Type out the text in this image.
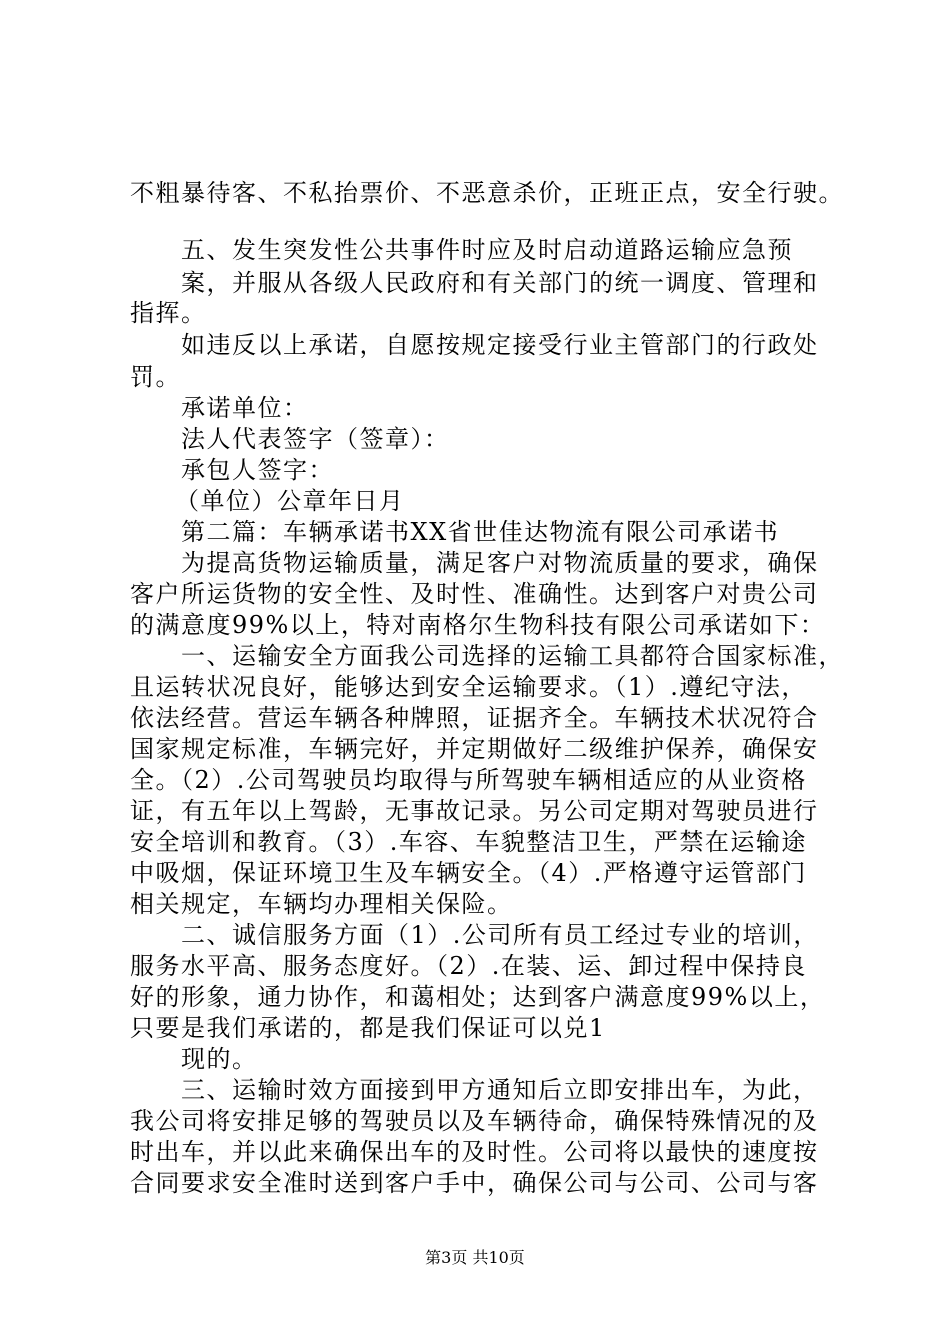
不粗暴待客、不私抬票价、不恶意杀价，正班正点，安全行驶。
五、发生突发性公共事件时应及时启动道路运输应急预
案，并服从各级人民政府和有关部门的统一调度、管理和
指挥。
如违反以上承诺，自愿按规定接受行业主管部门的行政处
罚。
承诺单位：
法人代表签字（签章）：
承包人签字：
（单位）公章年日月
第二篇：车辆承诺书XX省世佳达物流有限公司承诺书
为提高货物运输质量，满足客户对物流质量的要求，确保
客户所运货物的安全性、及时性、准确性。达到客户对贵公司
的满意度99%以上，特对南格尔生物科技有限公司承诺如下：
一、运输安全方面我公司选择的运输工具都符合国家标准，
且运转状况良好，能够达到安全运输要求。（1）.遵纪守法，
依法经营。营运车辆各种牌照，证据齐全。车辆技术状况符合
国家规定标准，车辆完好，并定期做好二级维护保养，确保安
全。（2）.公司驾驶员均取得与所驾驶车辆相适应的从业资格
证，有五年以上驾龄，无事故记录。另公司定期对驾驶员进行
安全培训和教育。（3）.车容、车貌整洁卫生，严禁在运输途
中吸烟，保证环境卫生及车辆安全。（4）.严格遵守运管部门
相关规定，车辆均办理相关保险。
二、诚信服务方面（1）.公司所有员工经过专业的培训，
服务水平高、服务态度好。（2）.在装、运、卸过程中保持良
好的形象，通力协作，和蔼相处；达到客户满意度99%以上，
只要是我们承诺的，都是我们保证可以兑1
现的。
三、运输时效方面接到甲方通知后立即安排出车，为此，
我公司将安排足够的驾驶员以及车辆待命，确保特殊情况的及
时出车，并以此来确保出车的及时性。公司将以最快的速度按
合同要求安全准时送到客户手中，确保公司与公司、公司与客
第3页 共10页
